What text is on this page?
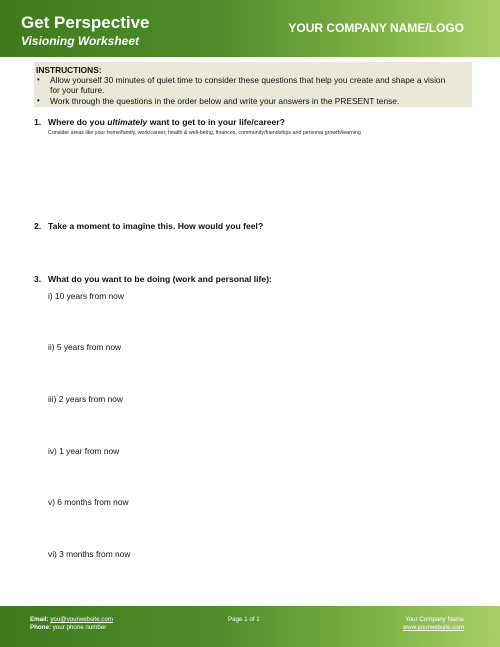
Get Perspective
Visioning Worksheet
YOUR COMPANY NAME/LOGO
INSTRUCTIONS:
• Allow yourself 30 minutes of quiet time to consider these questions that help you create and shape a vision
for your future.
• Work through the questions in the order below and write your answers in the PRESENT tense.
1. Where do you ultimately want to get to in your life/career?
Consider areas like your home/family, work/career, health & well-being, finances, community/friendships and personal growth/learning
2. Take a moment to imagine this. How would you feel?
3. What do you want to be doing (work and personal life):
i) 10 years from now
ii) 5 years from now
iii) 2 years from now
iv) 1 year from now
v) 6 months from now
vi) 3 months from now
Email: you@yourwebsite.com
Phone: your phone number
Page 1 of 1	Your Company Name
www.yourwebsite.com
